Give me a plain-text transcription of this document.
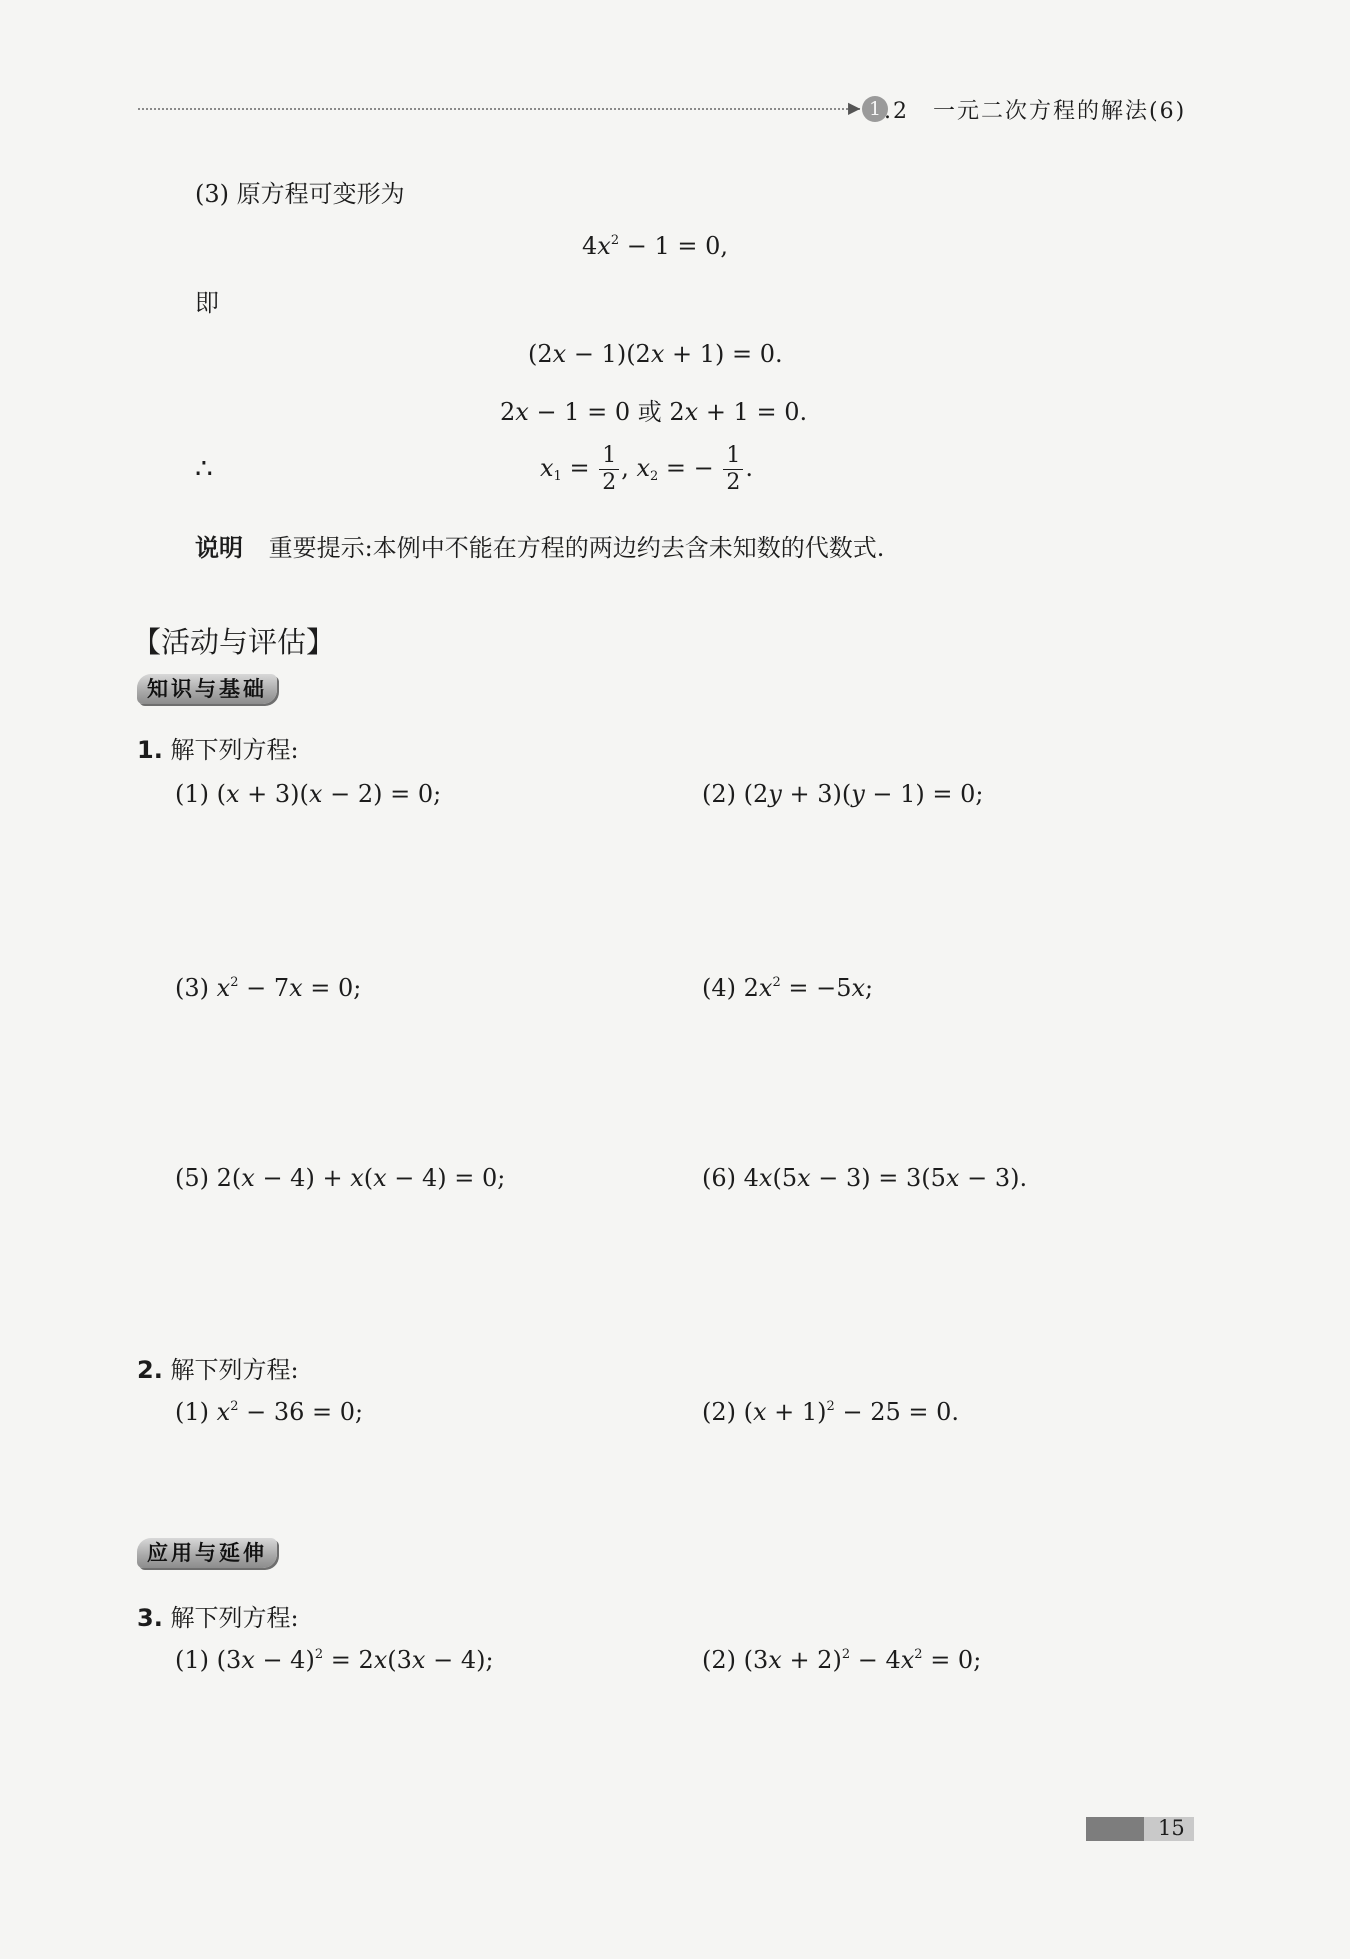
▶ 1 .2　一元二次方程的解法(6)
(3) 原方程可变形为
$4x^2 - 1 = 0$,
即
(2x − 1)(2x + 1) = 0.
2x − 1 = 0 或 2x + 1 = 0.
∴	$x_1 = \frac{1}{2}$ , $x_2$ = − $\frac{1}{2}$ .
说明 重要提示:本例中不能在方程的两边约去含未知数的代数式.
【活动与评估】
知识与基础
1. 解下列方程:
(1) (x + 3)(x − 2) = 0;	(2) (2y + 3)(y − 1) = 0;
(3) $x^2 - 7x = 0$;	(4) $2x^2 = -5x$;
(5) 2(x − 4) + x(x − 4) = 0;	(6) 4x(5x − 3) = 3(5x − 3).
2. 解下列方程:
(1) $x^2 - 36 = 0$;	(2) $(x + 1)^2 - 25 = 0$.
应用与延伸
3. 解下列方程:
(1) $(3x - 4)^2 = 2x(3x - 4)$;	(2) $(3x + 2)^2 - 4x^2 = 0$;
15
